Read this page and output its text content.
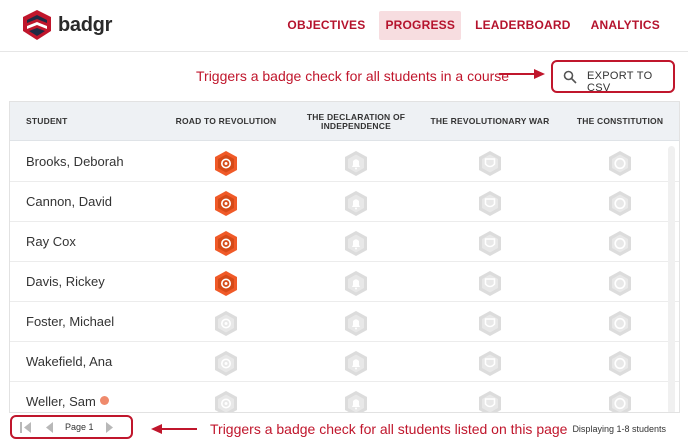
badgr	OBJECTIVES	PROGRESS	LEADERBOARD	ANALYTICS
Triggers a badge check for all students in a course	EXPORT TO CSV
STUDENT	ROAD TO REVOLUTION	THE DECLARATION OF INDEPENDENCE	THE REVOLUTIONARY WAR	THE CONSTITUTION
Brooks, Deborah
Cannon, David
Ray Cox
Davis, Rickey
Foster, Michael
Wakefield, Ana
Weller, Sam
Page 1	Triggers a badge check for all students listed on this page Displaying 1-8 students
